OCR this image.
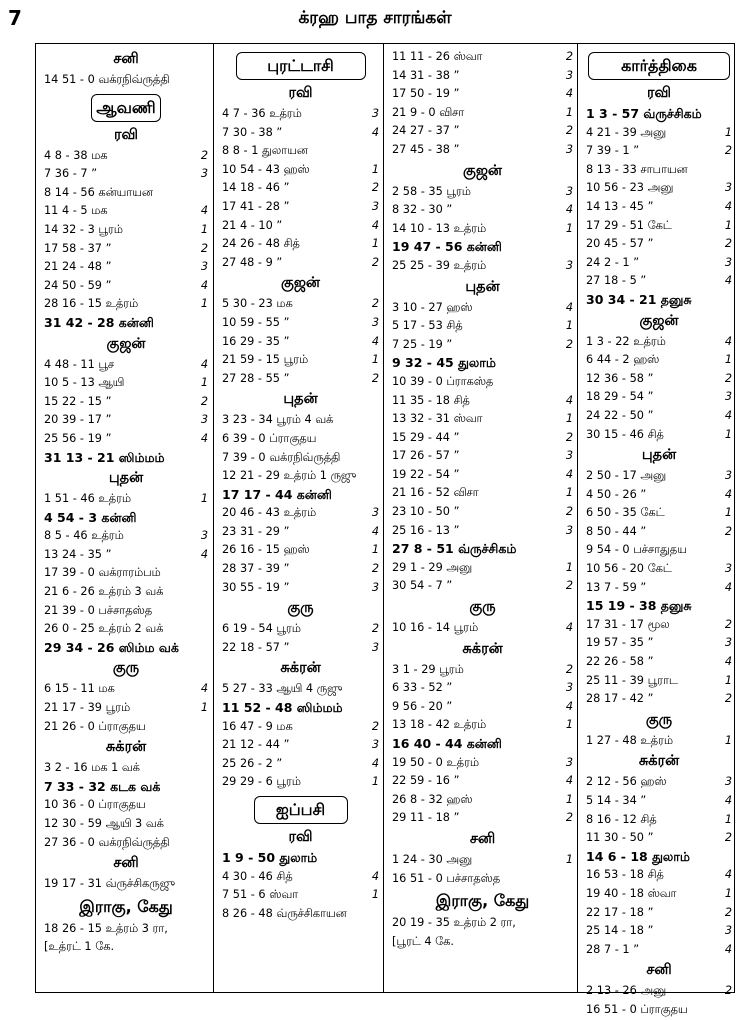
7	க்ரஹ பாத சாரங்கள்
சனி
14 51 - 0 வக்ரநிவ்ருத்தி
ஆவணி
ரவி
4 8 - 38 மக	2
7 36 - 7 ”	3
8 14 - 56 கன்யாயன
11 4 - 5 மக	4
14 32 - 3 பூரம்	1
17 58 - 37 ”	2
21 24 - 48 ”	3
24 50 - 59 ”	4
28 16 - 15 உத்ரம்	1
31 42 - 28 கன்னி
குஜன்
4 48 - 11 பூச	4
10 5 - 13 ஆயி	1
15 22 - 15 ”	2
20 39 - 17 ”	3
25 56 - 19 ”	4
31 13 - 21 ஸிம்மம்
புதன்
1 51 - 46 உத்ரம்	1
4 54 - 3 கன்னி
8 5 - 46 உத்ரம்	3
13 24 - 35 ”	4
17 39 - 0 வக்ராரம்பம்
21 6 - 26 உத்ரம் 3 வக்
21 39 - 0 பச்சாதஸ்த
26 0 - 25 உத்ரம் 2 வக்
29 34 - 26 ஸிம்ம வக்
குரு
6 15 - 11 மக	4
21 17 - 39 பூரம்	1
21 26 - 0 ப்ராகுதய
சுக்ரன்
3 2 - 16 மக 1 வக்
7 33 - 32 கடக வக்
10 36 - 0 ப்ராகுதய
12 30 - 59 ஆயி 3 வக்
27 36 - 0 வக்ரநிவ்ருத்தி
சனி
19 17 - 31 வ்ருச்சிகருஜு
இராகு, கேது
18 26 - 15 உத்ரம் 3 ரா,
[உத்ரட் 1 கே.
புரட்டாசி
ரவி
4 7 - 36 உத்ரம்	3
7 30 - 38 ”	4
8 8 - 1 துலாயன
10 54 - 43 ஹஸ்	1
14 18 - 46 ”	2
17 41 - 28 ”	3
21 4 - 10 ”	4
24 26 - 48 சித்	1
27 48 - 9 ”	2
குஜன்
5 30 - 23 மக	2
10 59 - 55 ”	3
16 29 - 35 ”	4
21 59 - 15 பூரம்	1
27 28 - 55 ”	2
புதன்
3 23 - 34 பூரம் 4 வக்
6 39 - 0 ப்ராகுதய
7 39 - 0 வக்ரநிவ்ருத்தி
12 21 - 29 உத்ரம் 1 ருஜு
17 17 - 44 கன்னி
20 46 - 43 உத்ரம்	3
23 31 - 29 ”	4
26 16 - 15 ஹஸ்	1
28 37 - 39 ”	2
30 55 - 19 ”	3
குரு
6 19 - 54 பூரம்	2
22 18 - 57 ”	3
சுக்ரன்
5 27 - 33 ஆயி 4 ருஜு
11 52 - 48 ஸிம்மம்
16 47 - 9 மக	2
21 12 - 44 ”	3
25 26 - 2 ”	4
29 29 - 6 பூரம்	1
ஐப்பசி
ரவி
1 9 - 50 துலாம்
4 30 - 46 சித்	4
7 51 - 6 ஸ்வா	1
8 26 - 48 வ்ருச்சிகாயன
11 11 - 26 ஸ்வா	2
14 31 - 38 ”	3
17 50 - 19 ”	4
21 9 - 0 விசா	1
24 27 - 37 ”	2
27 45 - 38 ”	3
குஜன்
2 58 - 35 பூரம்	3
8 32 - 30 ”	4
14 10 - 13 உத்ரம்	1
19 47 - 56 கன்னி
25 25 - 39 உத்ரம்	3
புதன்
3 10 - 27 ஹஸ்	4
5 17 - 53 சித்	1
7 25 - 19 ”	2
9 32 - 45 துலாம்
10 39 - 0 ப்ராகஸ்த
11 35 - 18 சித்	4
13 32 - 31 ஸ்வா	1
15 29 - 44 ”	2
17 26 - 57 ”	3
19 22 - 54 ”	4
21 16 - 52 விசா	1
23 10 - 50 ”	2
25 16 - 13 ”	3
27 8 - 51 வ்ருச்சிகம்
29 1 - 29 அனு	1
30 54 - 7 ”	2
குரு
10 16 - 14 பூரம்	4
சுக்ரன்
3 1 - 29 பூரம்	2
6 33 - 52 ”	3
9 56 - 20 ”	4
13 18 - 42 உத்ரம்	1
16 40 - 44 கன்னி
19 50 - 0 உத்ரம்	3
22 59 - 16 ”	4
26 8 - 32 ஹஸ்	1
29 11 - 18 ”	2
சனி
1 24 - 30 அனு	1
16 51 - 0 பச்சாதஸ்த
இராகு, கேது
20 19 - 35 உத்ரம் 2 ரா,
[பூரட் 4 கே.
கார்த்திகை
ரவி
1 3 - 57 வ்ருச்சிகம்
4 21 - 39 அனு	1
7 39 - 1 ”	2
8 13 - 33 சாபாயன
10 56 - 23 அனு	3
14 13 - 45 ”	4
17 29 - 51 கேட்	1
20 45 - 57 ”	2
24 2 - 1 ”	3
27 18 - 5 ”	4
30 34 - 21 தனுசு
குஜன்
1 3 - 22 உத்ரம்	4
6 44 - 2 ஹஸ்	1
12 36 - 58 ”	2
18 29 - 54 ”	3
24 22 - 50 ”	4
30 15 - 46 சித்	1
புதன்
2 50 - 17 அனு	3
4 50 - 26 ”	4
6 50 - 35 கேட்	1
8 50 - 44 ”	2
9 54 - 0 பச்சாதுதய
10 56 - 20 கேட்	3
13 7 - 59 ”	4
15 19 - 38 தனுசு
17 31 - 17 மூல	2
19 57 - 35 ”	3
22 26 - 58 ”	4
25 11 - 39 பூராட	1
28 17 - 42 ”	2
குரு
1 27 - 48 உத்ரம்	1
சுக்ரன்
2 12 - 56 ஹஸ்	3
5 14 - 34 ”	4
8 16 - 12 சித்	1
11 30 - 50 ”	2
14 6 - 18 துலாம்
16 53 - 18 சித்	4
19 40 - 18 ஸ்வா	1
22 17 - 18 ”	2
25 14 - 18 ”	3
28 7 - 1 ”	4
சனி
2 13 - 26 அனு	2
16 51 - 0 ப்ராகுதய
